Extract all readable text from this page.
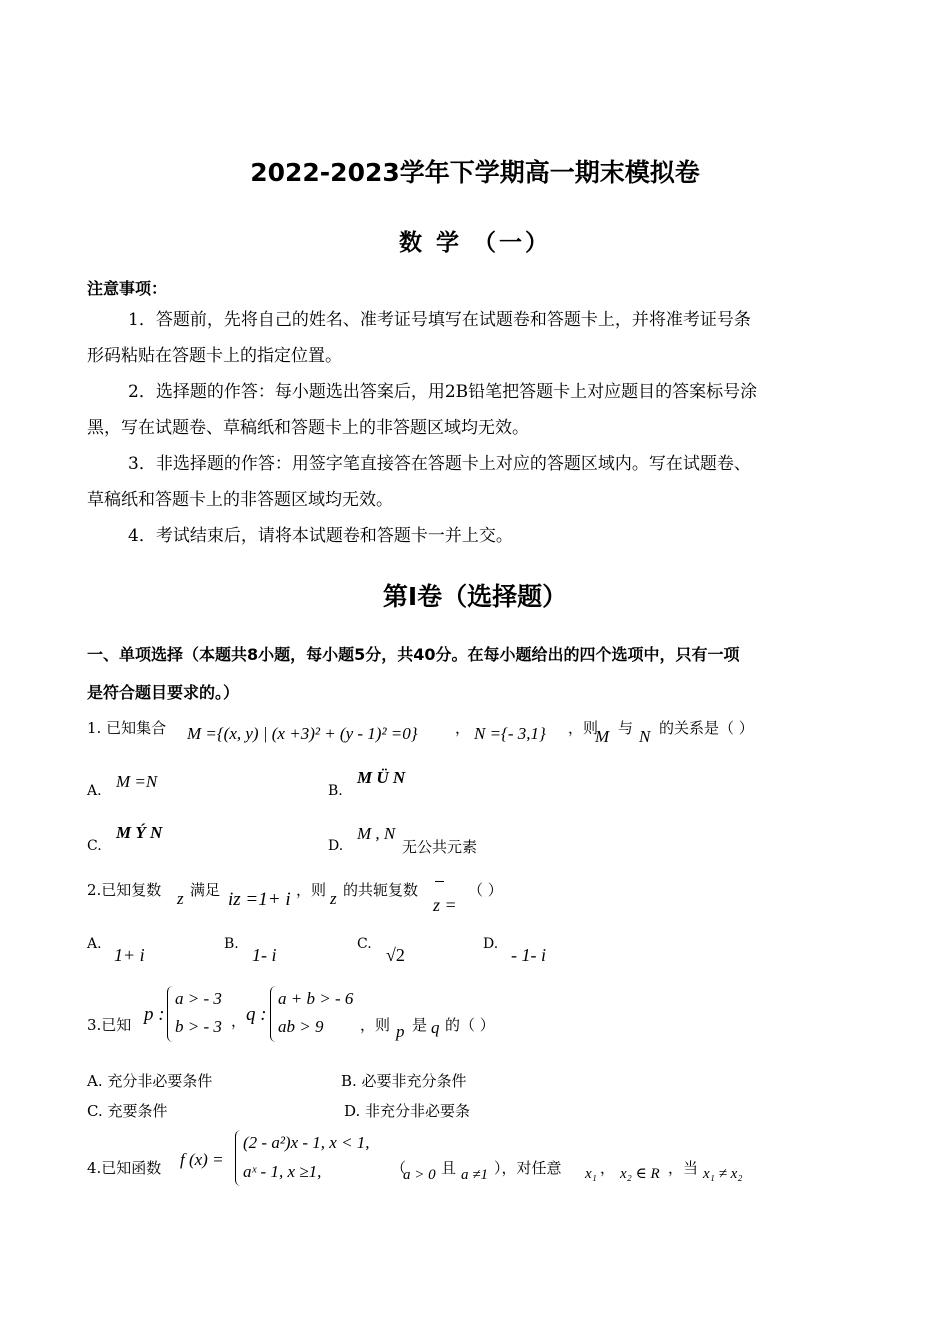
2022-2023学年下学期高一期末模拟卷
数 学 （一）
注意事项：
1．答题前，先将自己的姓名、准考证号填写在试题卷和答题卡上，并将准考证号条
形码粘贴在答题卡上的指定位置。
2．选择题的作答：每小题选出答案后，用2B铅笔把答题卡上对应题目的答案标号涂
黑，写在试题卷、草稿纸和答题卡上的非答题区域均无效。
3．非选择题的作答：用签字笔直接答在答题卡上对应的答题区域内。写在试题卷、
草稿纸和答题卡上的非答题区域均无效。
4．考试结束后，请将本试题卷和答题卡一并上交。
第Ⅰ卷（选择题）
一、单项选择（本题共8小题，每小题5分，共40分。在每小题给出的四个选项中，只有一项
是符合题目要求的。）
1. 已知集合 M ={(x, y) | (x +3)² + (y - 1)² =0} ， N ={- 3,1} ，则
M 与 N 的关系是（ ）
A. M =N	B.
M Ü N
C.
M Ý N
D.
M , N
无公共元素
2.已知复数 z 满足 iz =1+ i ，则 z 的共轭复数
z =
（ ）
A.
1+ i
B.
1- i
C.
√2
D.
- 1- i
3.已知 p :
a > - 3
b > - 3 ， q :
a + b > - 6
ab > 9 ，则 p 是 q 的（ ）
A. 充分非必要条件	B. 必要非充分条件
C. 充要条件	D. 非充分非必要条
4.已知函数 f (x) =
(2 - a²)x - 1, x < 1,
aˣ - 1, x ≥1,	（
a > 0 且 a ≠1 ），对任意 x₁ ， x₂ ∈ R ，当 x₁ ≠ x₂
